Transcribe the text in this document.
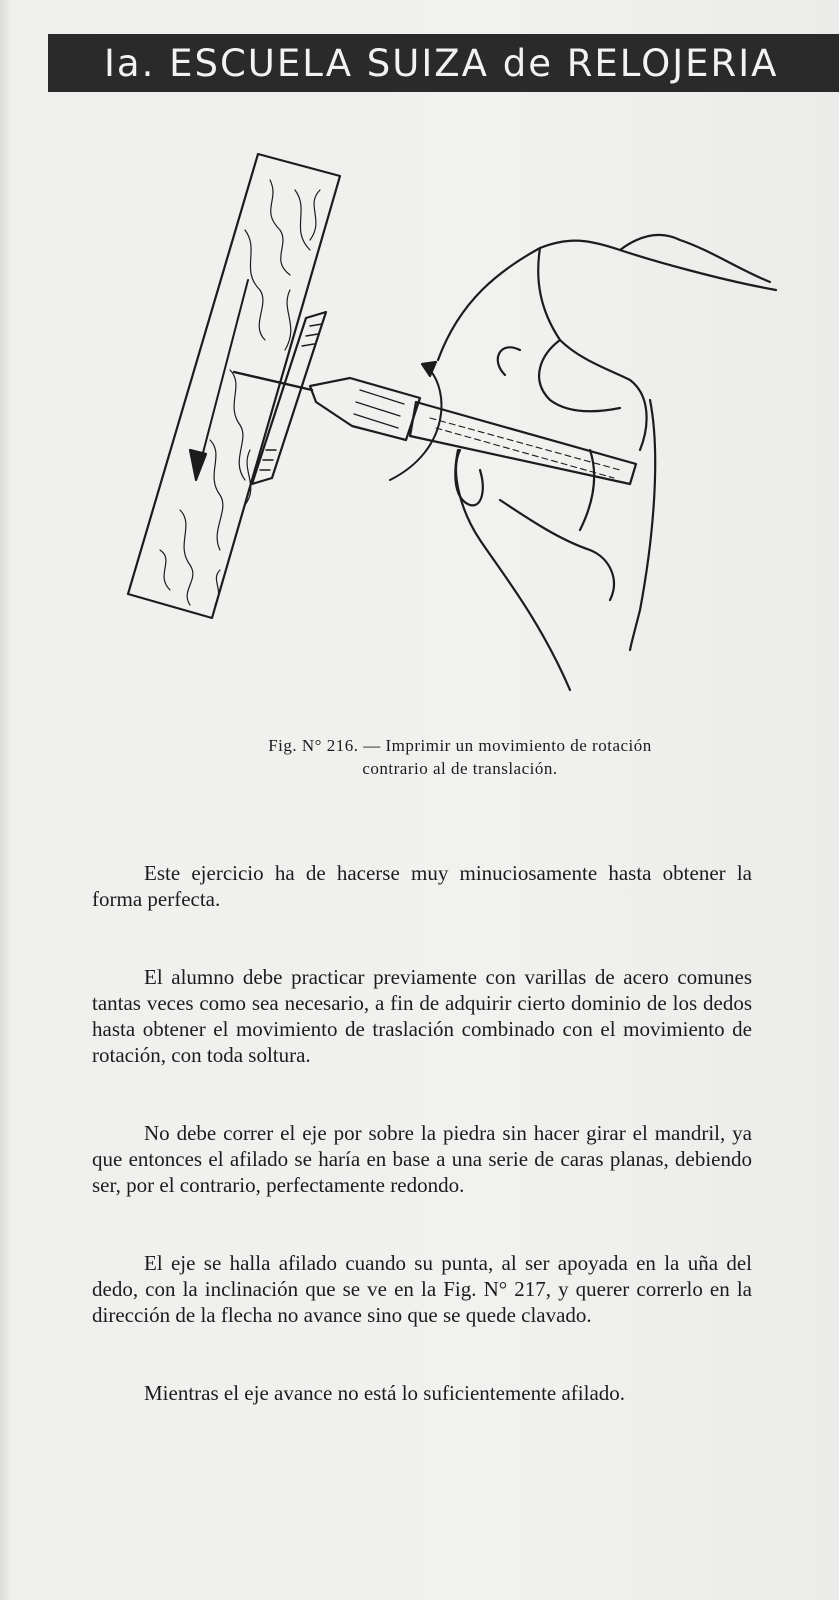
Ia. ESCUELA SUIZA de RELOJERIA
Fig. N° 216. — Imprimir un movimiento de rotación
contrario al de translación.

Este ejercicio ha de hacerse muy minuciosamente hasta obtener la forma perfecta.

El alumno debe practicar previamente con varillas de acero comunes tantas veces como sea necesario, a fin de adquirir cierto dominio de los dedos hasta obtener el movimiento de traslación combinado con el movimiento de rotación, con toda soltura.

No debe correr el eje por sobre la piedra sin hacer girar el mandril, ya que entonces el afilado se haría en base a una serie de caras planas, debiendo ser, por el contrario, perfectamente redondo.

El eje se halla afilado cuando su punta, al ser apoyada en la uña del dedo, con la inclinación que se ve en la Fig. N° 217, y querer correrlo en la dirección de la flecha no avance sino que se quede clavado.

Mientras el eje avance no está lo suficientemente afilado.
